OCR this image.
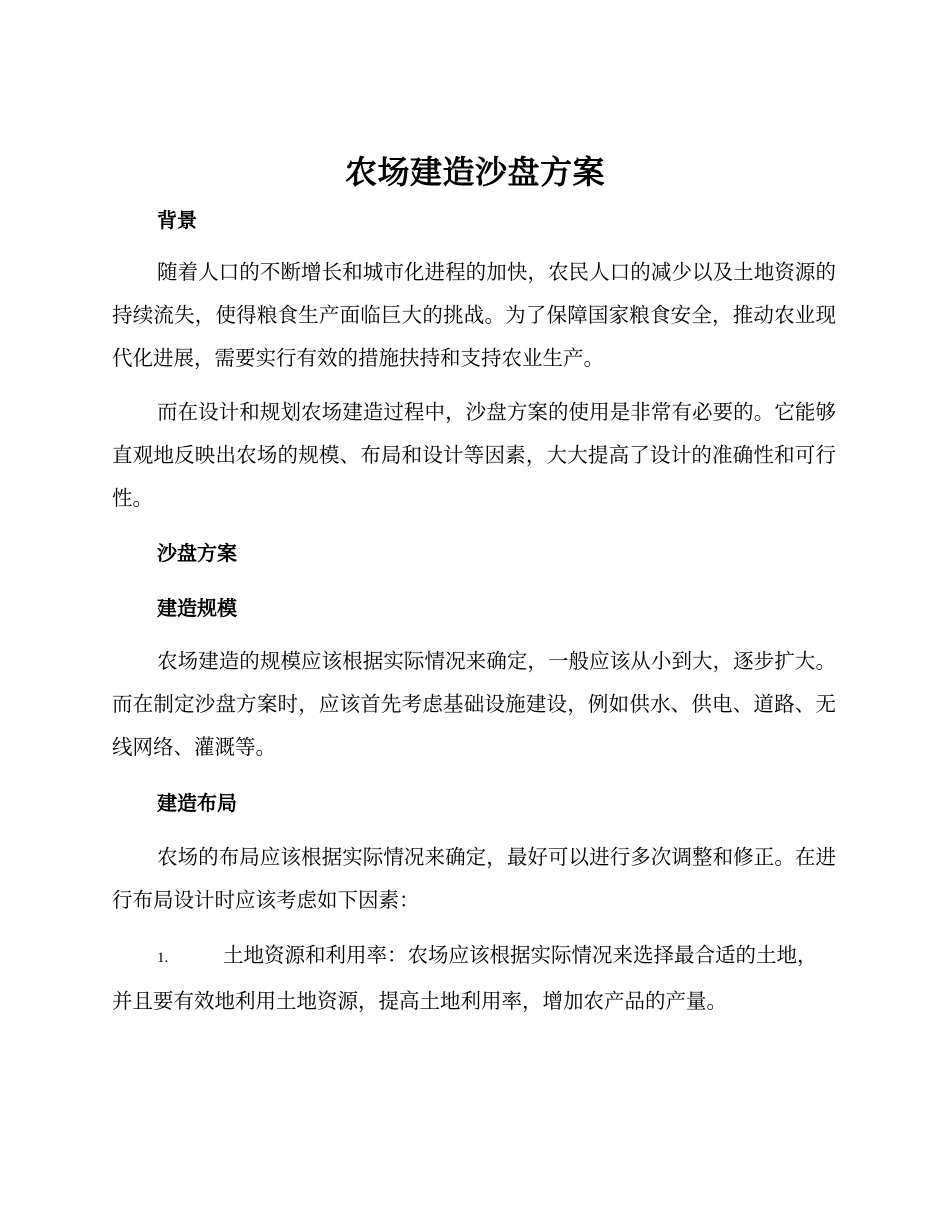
农场建造沙盘方案
背景

随着人口的不断增长和城市化进程的加快，农民人口的减少以及土地资源的持续流失，使得粮食生产面临巨大的挑战。为了保障国家粮食安全，推动农业现代化进展，需要实行有效的措施扶持和支持农业生产。

而在设计和规划农场建造过程中，沙盘方案的使用是非常有必要的。它能够直观地反映出农场的规模、布局和设计等因素，大大提高了设计的准确性和可行性。

沙盘方案
建造规模

农场建造的规模应该根据实际情况来确定，一般应该从小到大，逐步扩大。而在制定沙盘方案时，应该首先考虑基础设施建设，例如供水、供电、道路、无线网络、灌溉等。

建造布局

农场的布局应该根据实际情况来确定，最好可以进行多次调整和修正。在进行布局设计时应该考虑如下因素：

1.	土地资源和利用率：农场应该根据实际情况来选择最合适的土地，并且要有效地利用土地资源，提高土地利用率，增加农产品的产量。
